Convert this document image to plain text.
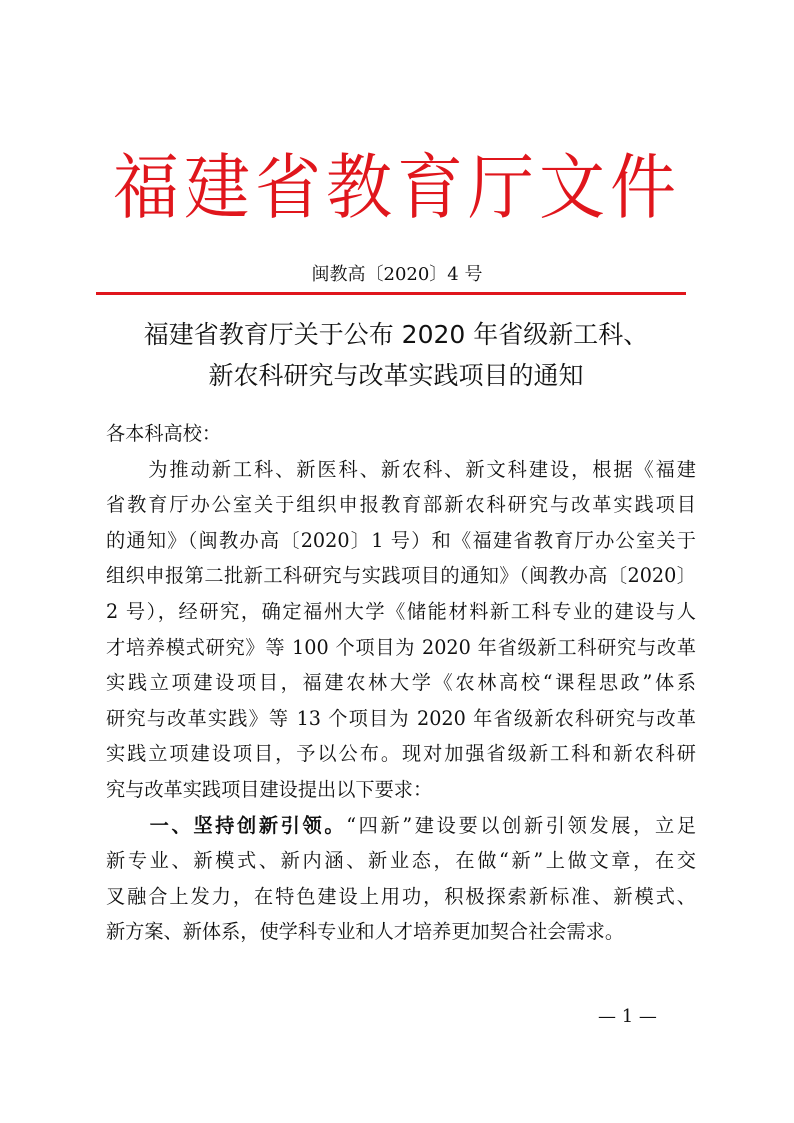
福建省教育厅文件
闽教高〔2020〕4 号
福建省教育厅关于公布 2020 年省级新工科、
新农科研究与改革实践项目的通知
各本科高校：
　　为推动新工科、新医科、新农科、新文科建设，根据《福建
省教育厅办公室关于组织申报教育部新农科研究与改革实践项目
的通知》（闽教办高〔2020〕1 号）和《福建省教育厅办公室关于
组织申报第二批新工科研究与实践项目的通知》（闽教办高〔2020〕
2 号），经研究，确定福州大学《储能材料新工科专业的建设与人
才培养模式研究》等 100 个项目为 2020 年省级新工科研究与改革
实践立项建设项目，福建农林大学《农林高校“课程思政”体系
研究与改革实践》等 13 个项目为 2020 年省级新农科研究与改革
实践立项建设项目，予以公布。现对加强省级新工科和新农科研
究与改革实践项目建设提出以下要求：
　　一、坚持创新引领。“四新”建设要以创新引领发展，立足
新专业、新模式、新内涵、新业态，在做“新”上做文章，在交
叉融合上发力，在特色建设上用功，积极探索新标准、新模式、
新方案、新体系，使学科专业和人才培养更加契合社会需求。
— 1 —
